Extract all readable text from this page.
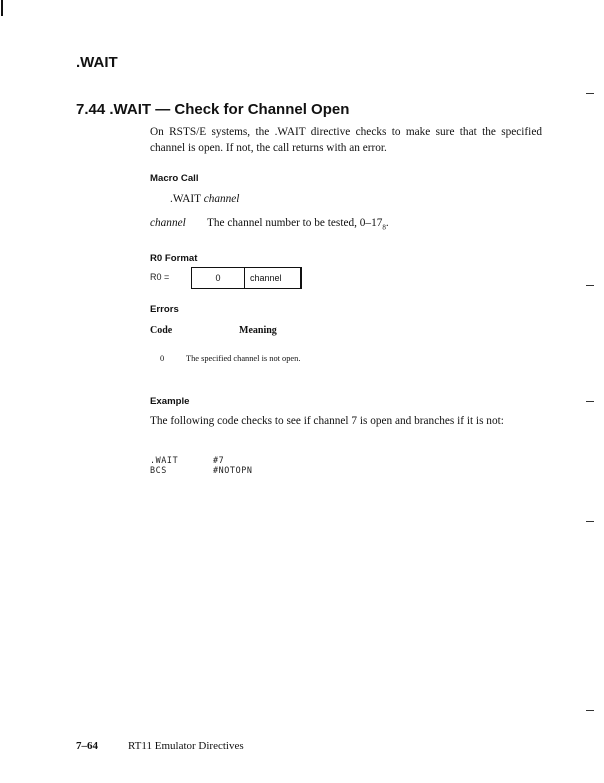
.WAIT
7.44 .WAIT — Check for Channel Open
On RSTS/E systems, the .WAIT directive checks to make sure that the specified channel is open. If not, the call returns with an error.
Macro Call
.WAIT channel
channel The channel number to be tested, $0-17_8$.
R0 Format
R0 =	0	channel
Errors
Code	Meaning
0	The specified channel is not open.
Example
The following code checks to see if channel 7 is open and branches if it is not:
.WAIT	#7
BCS	#NOTOPN
7–64	RT11 Emulator Directives
